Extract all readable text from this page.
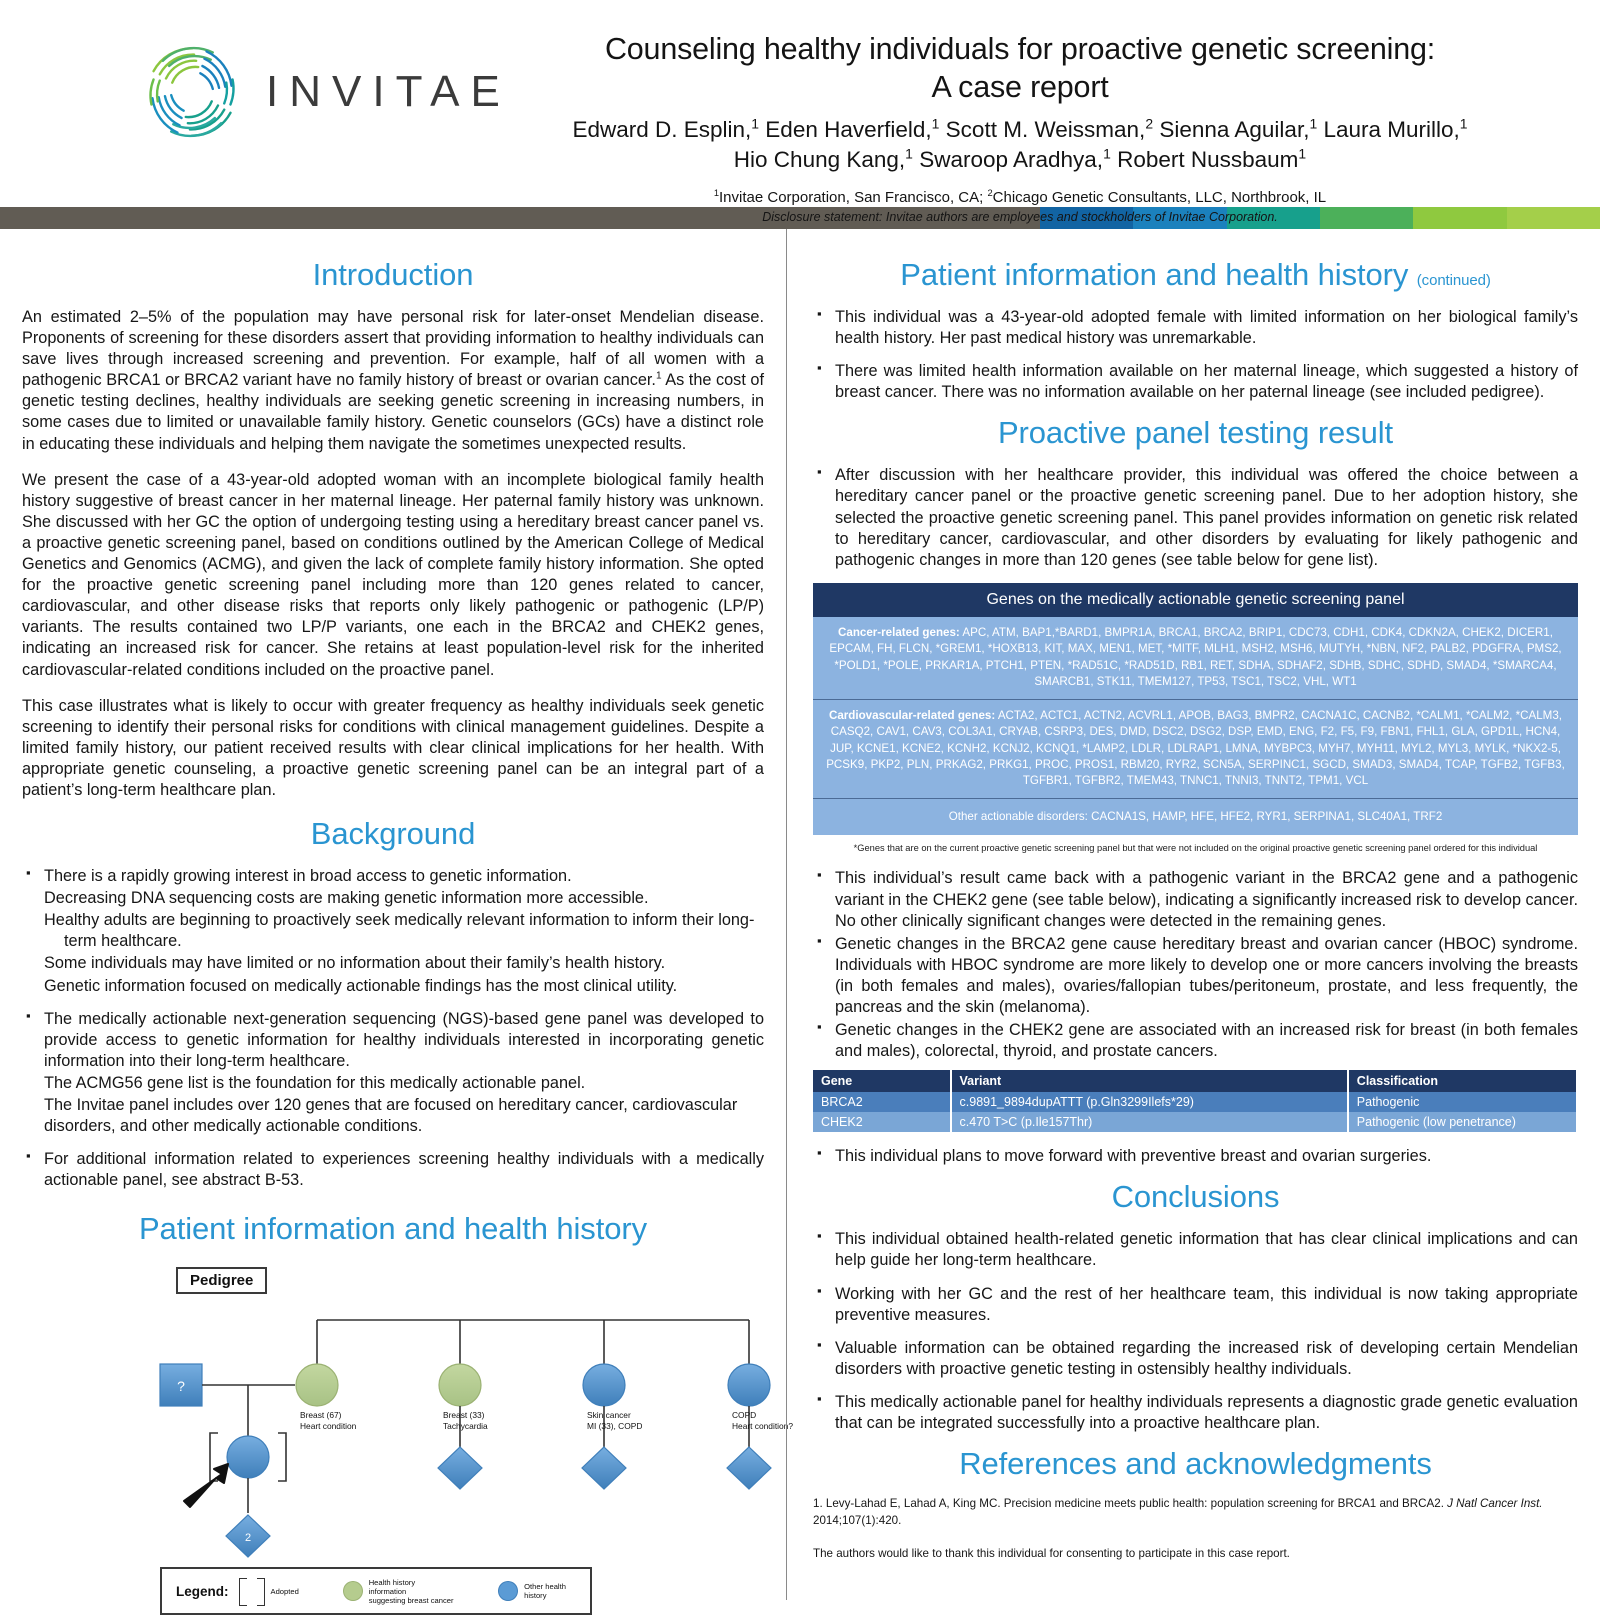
INVITAE
Counseling healthy individuals for proactive genetic screening:
A case report
Edward D. Esplin,$^1$ Eden Haverfield,$^1$ Scott M. Weissman,$^2$ Sienna Aguilar,$^1$ Laura Murillo,$^1$
Hio Chung Kang,$^1$ Swaroop Aradhya,$^1$ Robert Nussbaum$^1$
$^1$Invitae Corporation, San Francisco, CA; $^2$Chicago Genetic Consultants, LLC, Northbrook, IL
Disclosure statement: Invitae authors are employees and stockholders of Invitae Corporation.
Introduction

An estimated 2–5% of the population may have personal risk for later-onset Mendelian disease. Proponents of screening for these disorders assert that providing information to healthy individuals can save lives through increased screening and prevention. For example, half of all women with a pathogenic BRCA1 or BRCA2 variant have no family history of breast or ovarian cancer.$^1$ As the cost of genetic testing declines, healthy individuals are seeking genetic screening in increasing numbers, in some cases due to limited or unavailable family history. Genetic counselors (GCs) have a distinct role in educating these individuals and helping them navigate the sometimes unexpected results.

We present the case of a 43-year-old adopted woman with an incomplete biological family health history suggestive of breast cancer in her maternal lineage. Her paternal family history was unknown. She discussed with her GC the option of undergoing testing using a hereditary breast cancer panel vs. a proactive genetic screening panel, based on conditions outlined by the American College of Medical Genetics and Genomics (ACMG), and given the lack of complete family history information. She opted for the proactive genetic screening panel including more than 120 genes related to cancer, cardiovascular, and other disease risks that reports only likely pathogenic or pathogenic (LP/P) variants. The results contained two LP/P variants, one each in the BRCA2 and CHEK2 genes, indicating an increased risk for cancer. She retains at least population-level risk for the inherited cardiovascular-related conditions included on the proactive panel.

This case illustrates what is likely to occur with greater frequency as healthy individuals seek genetic screening to identify their personal risks for conditions with clinical management guidelines. Despite a limited family history, our patient received results with clear clinical implications for her health. With appropriate genetic counseling, a proactive genetic screening panel can be an integral part of a patient’s long-term healthcare plan.

Background
▪ There is a rapidly growing interest in broad access to genetic information.
Decreasing DNA sequencing costs are making genetic information more accessible.
Healthy adults are beginning to proactively seek medically relevant information to inform their long-term healthcare.
Some individuals may have limited or no information about their family’s health history.
Genetic information focused on medically actionable findings has the most clinical utility.
▪ The medically actionable next-generation sequencing (NGS)-based gene panel was developed to provide access to genetic information for healthy individuals interested in incorporating genetic information into their long-term healthcare.
The ACMG56 gene list is the foundation for this medically actionable panel.
The Invitae panel includes over 120 genes that are focused on hereditary cancer, cardiovascular disorders, and other medically actionable conditions.
▪ For additional information related to experiences screening healthy individuals with a medically actionable panel, see abstract B-53.
Patient information and health history
Pedigree
?
2
Breast (67)
Heart condition
Breast (33)
Tachycardia
Skin cancer
MI (33), COPD
COPD
Heart condition?
Legend:	Adopted
Health history information
suggesting breast cancer
Other health history
Patient information and health history (continued)
▪ This individual was a 43-year-old adopted female with limited information on her biological family’s health history. Her past medical history was unremarkable.
▪ There was limited health information available on her maternal lineage, which suggested a history of breast cancer. There was no information available on her paternal lineage (see included pedigree).
Proactive panel testing result
▪ After discussion with her healthcare provider, this individual was offered the choice between a hereditary cancer panel or the proactive genetic screening panel. Due to her adoption history, she selected the proactive genetic screening panel. This panel provides information on genetic risk related to hereditary cancer, cardiovascular, and other disorders by evaluating for likely pathogenic and pathogenic changes in more than 120 genes (see table below for gene list).
Genes on the medically actionable genetic screening panel
Cancer-related genes: APC, ATM, BAP1,*BARD1, BMPR1A, BRCA1, BRCA2, BRIP1, CDC73, CDH1, CDK4, CDKN2A, CHEK2, DICER1, EPCAM, FH, FLCN, *GREM1, *HOXB13, KIT, MAX, MEN1, MET, *MITF, MLH1, MSH2, MSH6, MUTYH, *NBN, NF2, PALB2, PDGFRA, PMS2, *POLD1, *POLE, PRKAR1A, PTCH1, PTEN, *RAD51C, *RAD51D, RB1, RET, SDHA, SDHAF2, SDHB, SDHC, SDHD, SMAD4, *SMARCA4, SMARCB1, STK11, TMEM127, TP53, TSC1, TSC2, VHL, WT1
Cardiovascular-related genes: ACTA2, ACTC1, ACTN2, ACVRL1, APOB, BAG3, BMPR2, CACNA1C, CACNB2, *CALM1, *CALM2, *CALM3, CASQ2, CAV1, CAV3, COL3A1, CRYAB, CSRP3, DES, DMD, DSC2, DSG2, DSP, EMD, ENG, F2, F5, F9, FBN1, FHL1, GLA, GPD1L, HCN4, JUP, KCNE1, KCNE2, KCNH2, KCNJ2, KCNQ1, *LAMP2, LDLR, LDLRAP1, LMNA, MYBPC3, MYH7, MYH11, MYL2, MYL3, MYLK, *NKX2-5, PCSK9, PKP2, PLN, PRKAG2, PRKG1, PROC, PROS1, RBM20, RYR2, SCN5A, SERPINC1, SGCD, SMAD3, SMAD4, TCAP, TGFB2, TGFB3, TGFBR1, TGFBR2, TMEM43, TNNC1, TNNI3, TNNT2, TPM1, VCL
Other actionable disorders: CACNA1S, HAMP, HFE, HFE2, RYR1, SERPINA1, SLC40A1, TRF2
*Genes that are on the current proactive genetic screening panel but that were not included on the original proactive genetic screening panel ordered for this individual
▪ This individual’s result came back with a pathogenic variant in the BRCA2 gene and a pathogenic variant in the CHEK2 gene (see table below), indicating a significantly increased risk to develop cancer. No other clinically significant changes were detected in the remaining genes.
▪ Genetic changes in the BRCA2 gene cause hereditary breast and ovarian cancer (HBOC) syndrome. Individuals with HBOC syndrome are more likely to develop one or more cancers involving the breasts (in both females and males), ovaries/fallopian tubes/peritoneum, prostate, and less frequently, the pancreas and the skin (melanoma).
▪ Genetic changes in the CHEK2 gene are associated with an increased risk for breast (in both females and males), colorectal, thyroid, and prostate cancers.
Gene	Variant	Classification
BRCA2	c.9891_9894dupATTT (p.Gln3299Ilefs*29)	Pathogenic
CHEK2	c.470 T>C (p.Ile157Thr)	Pathogenic (low penetrance)
▪ This individual plans to move forward with preventive breast and ovarian surgeries.
Conclusions
▪ This individual obtained health-related genetic information that has clear clinical implications and can help guide her long-term healthcare.
▪ Working with her GC and the rest of her healthcare team, this individual is now taking appropriate preventive measures.
▪ Valuable information can be obtained regarding the increased risk of developing certain Mendelian disorders with proactive genetic testing in ostensibly healthy individuals.
▪ This medically actionable panel for healthy individuals represents a diagnostic grade genetic evaluation that can be integrated successfully into a proactive healthcare plan.
References and acknowledgments
1. Levy-Lahad E, Lahad A, King MC. Precision medicine meets public health: population screening for BRCA1 and BRCA2. J Natl Cancer Inst. 2014;107(1):420.
The authors would like to thank this individual for consenting to participate in this case report.
